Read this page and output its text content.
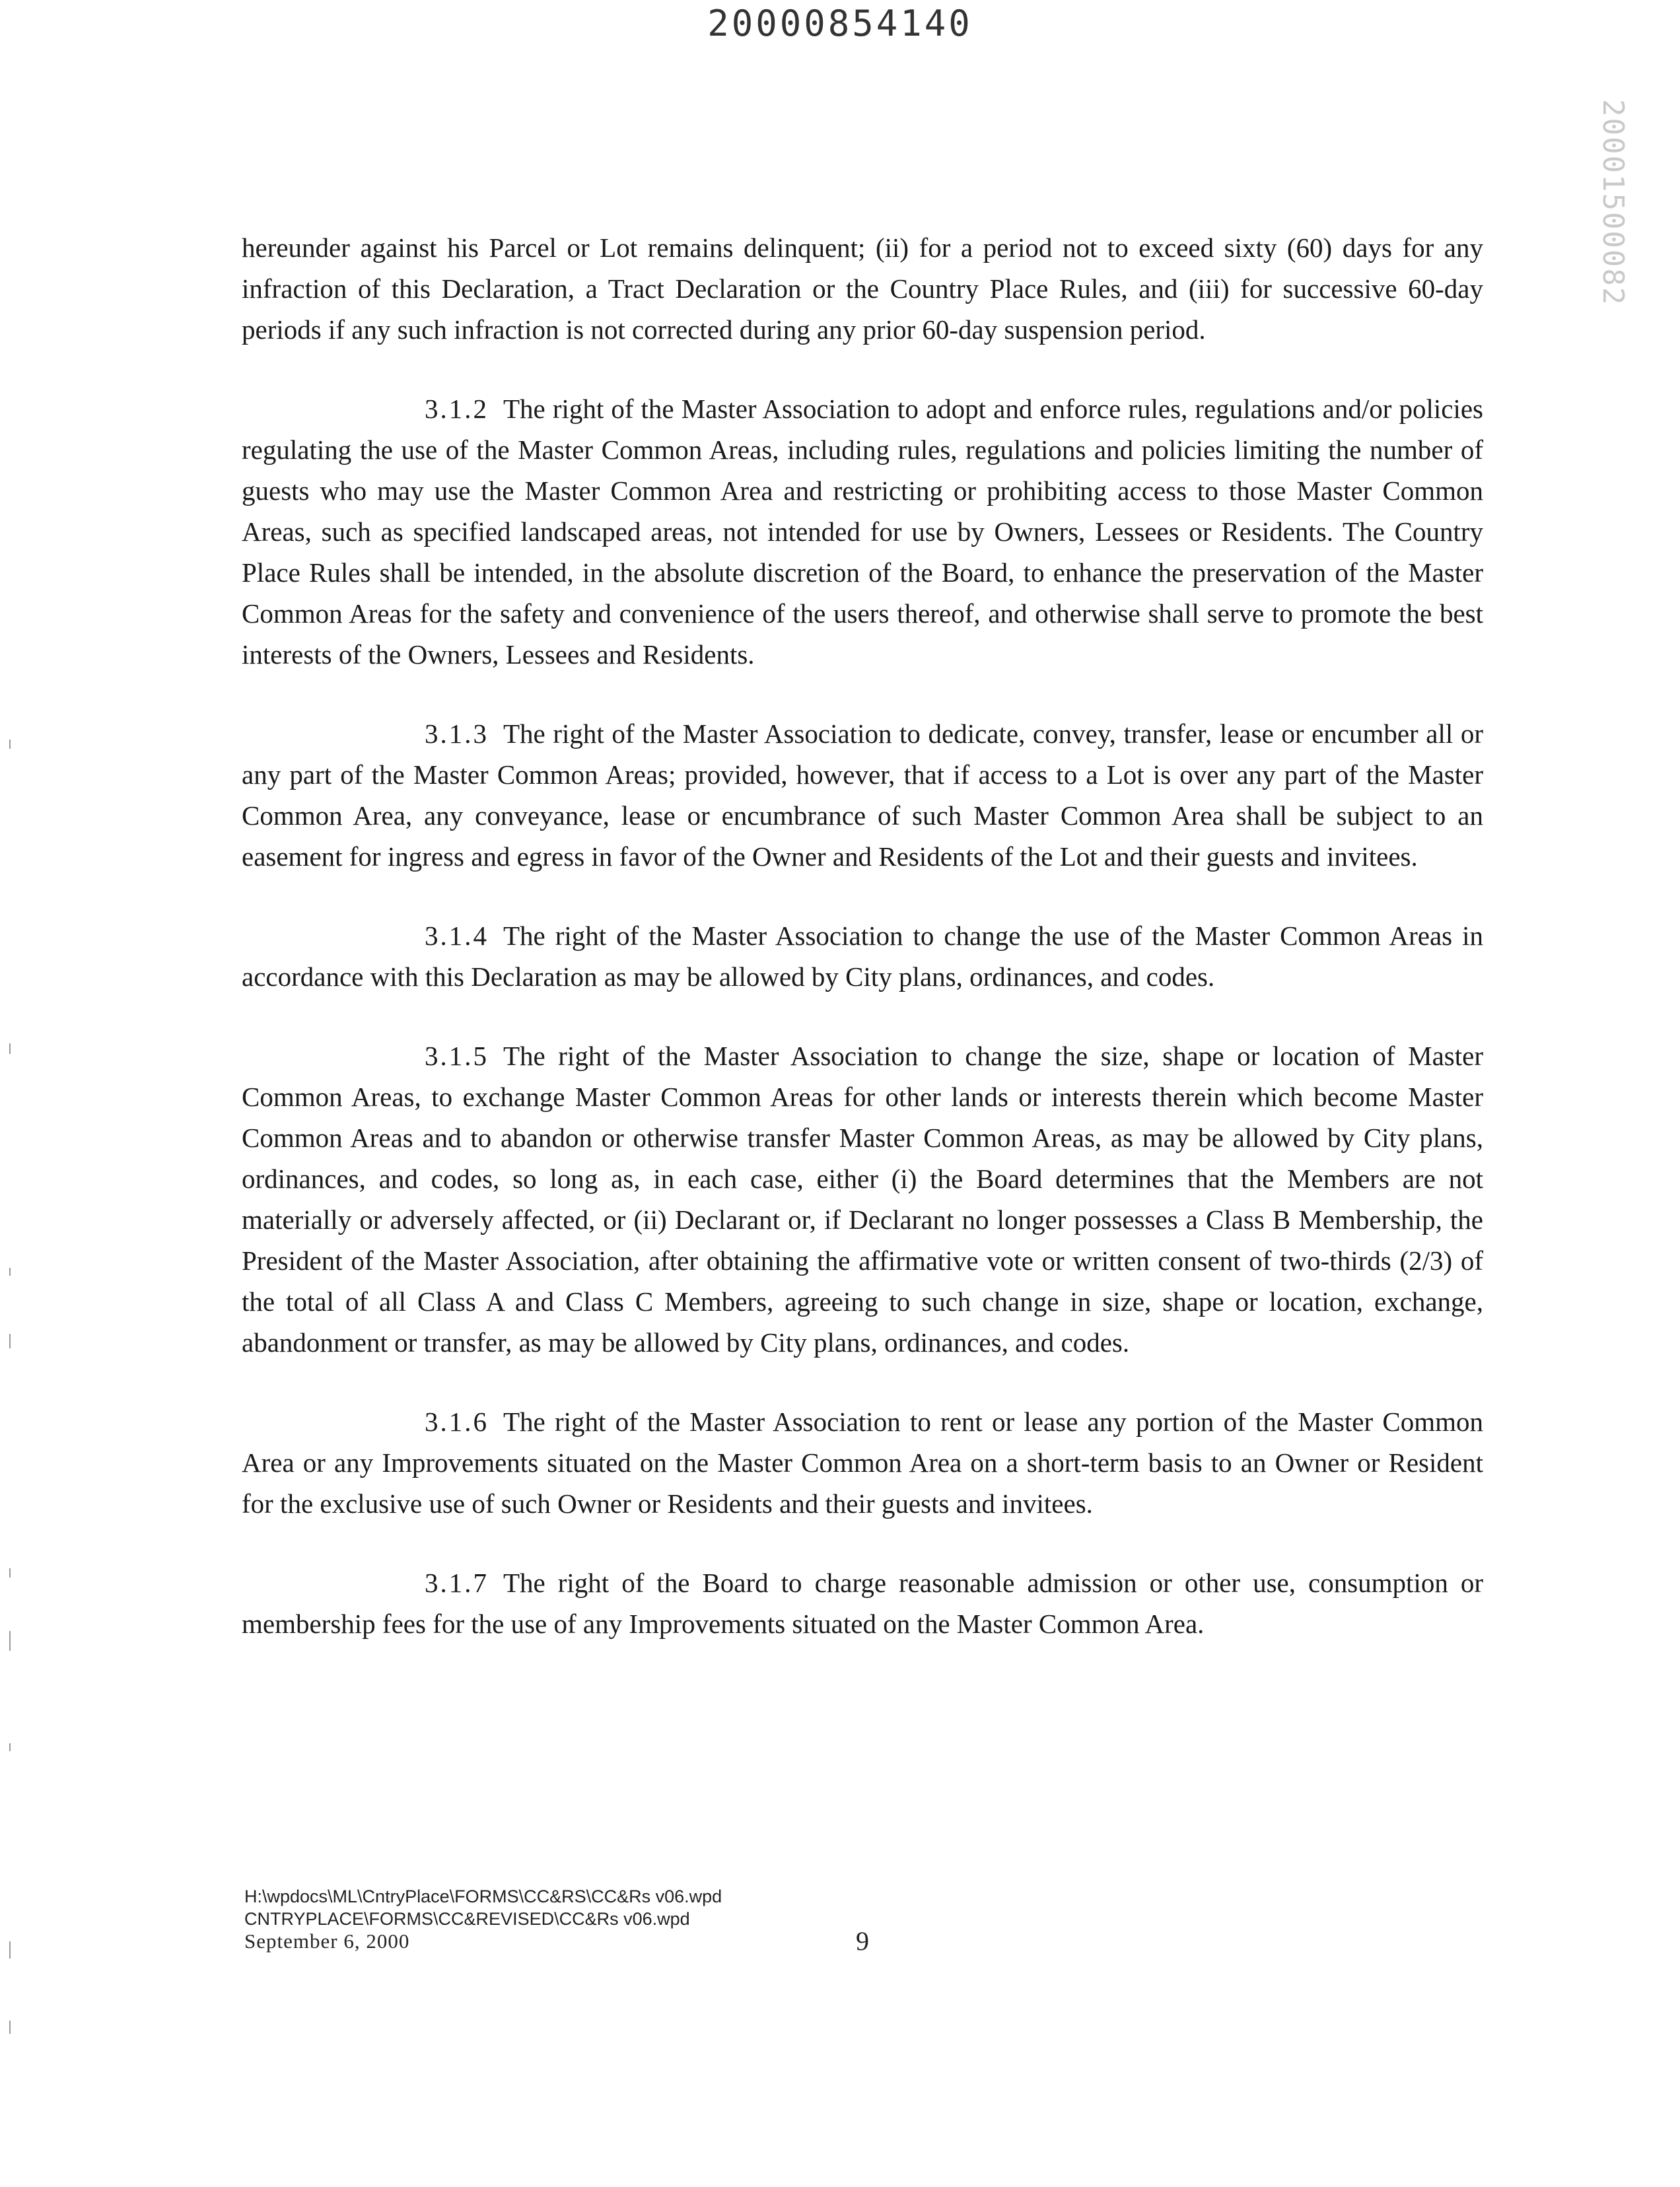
20000854140
20001500082

hereunder against his Parcel or Lot remains delinquent; (ii) for a period not to exceed sixty (60) days for any infraction of this Declaration, a Tract Declaration or the Country Place Rules, and (iii) for successive 60-day periods if any such infraction is not corrected during any prior 60-day suspension period.

3.1.2 The right of the Master Association to adopt and enforce rules, regulations and/or policies regulating the use of the Master Common Areas, including rules, regulations and policies limiting the number of guests who may use the Master Common Area and restricting or prohibiting access to those Master Common Areas, such as specified landscaped areas, not intended for use by Owners, Lessees or Residents. The Country Place Rules shall be intended, in the absolute discretion of the Board, to enhance the preservation of the Master Common Areas for the safety and convenience of the users thereof, and otherwise shall serve to promote the best interests of the Owners, Lessees and Residents.

3.1.3 The right of the Master Association to dedicate, convey, transfer, lease or encumber all or any part of the Master Common Areas; provided, however, that if access to a Lot is over any part of the Master Common Area, any conveyance, lease or encumbrance of such Master Common Area shall be subject to an easement for ingress and egress in favor of the Owner and Residents of the Lot and their guests and invitees.

3.1.4 The right of the Master Association to change the use of the Master Common Areas in accordance with this Declaration as may be allowed by City plans, ordinances, and codes.

3.1.5 The right of the Master Association to change the size, shape or location of Master Common Areas, to exchange Master Common Areas for other lands or interests therein which become Master Common Areas and to abandon or otherwise transfer Master Common Areas, as may be allowed by City plans, ordinances, and codes, so long as, in each case, either (i) the Board determines that the Members are not materially or adversely affected, or (ii) Declarant or, if Declarant no longer possesses a Class B Membership, the President of the Master Association, after obtaining the affirmative vote or written consent of two-thirds (2/3) of the total of all Class A and Class C Members, agreeing to such change in size, shape or location, exchange, abandonment or transfer, as may be allowed by City plans, ordinances, and codes.

3.1.6 The right of the Master Association to rent or lease any portion of the Master Common Area or any Improvements situated on the Master Common Area on a short-term basis to an Owner or Resident for the exclusive use of such Owner or Residents and their guests and invitees.

3.1.7 The right of the Board to charge reasonable admission or other use, consumption or membership fees for the use of any Improvements situated on the Master Common Area.

H:\wpdocs\ML\CntryPlace\FORMS\CC&RS\CC&Rs v06.wpd
CNTRYPLACE\FORMS\CC&REVISED\CC&Rs v06.wpd
September 6, 2000	9
